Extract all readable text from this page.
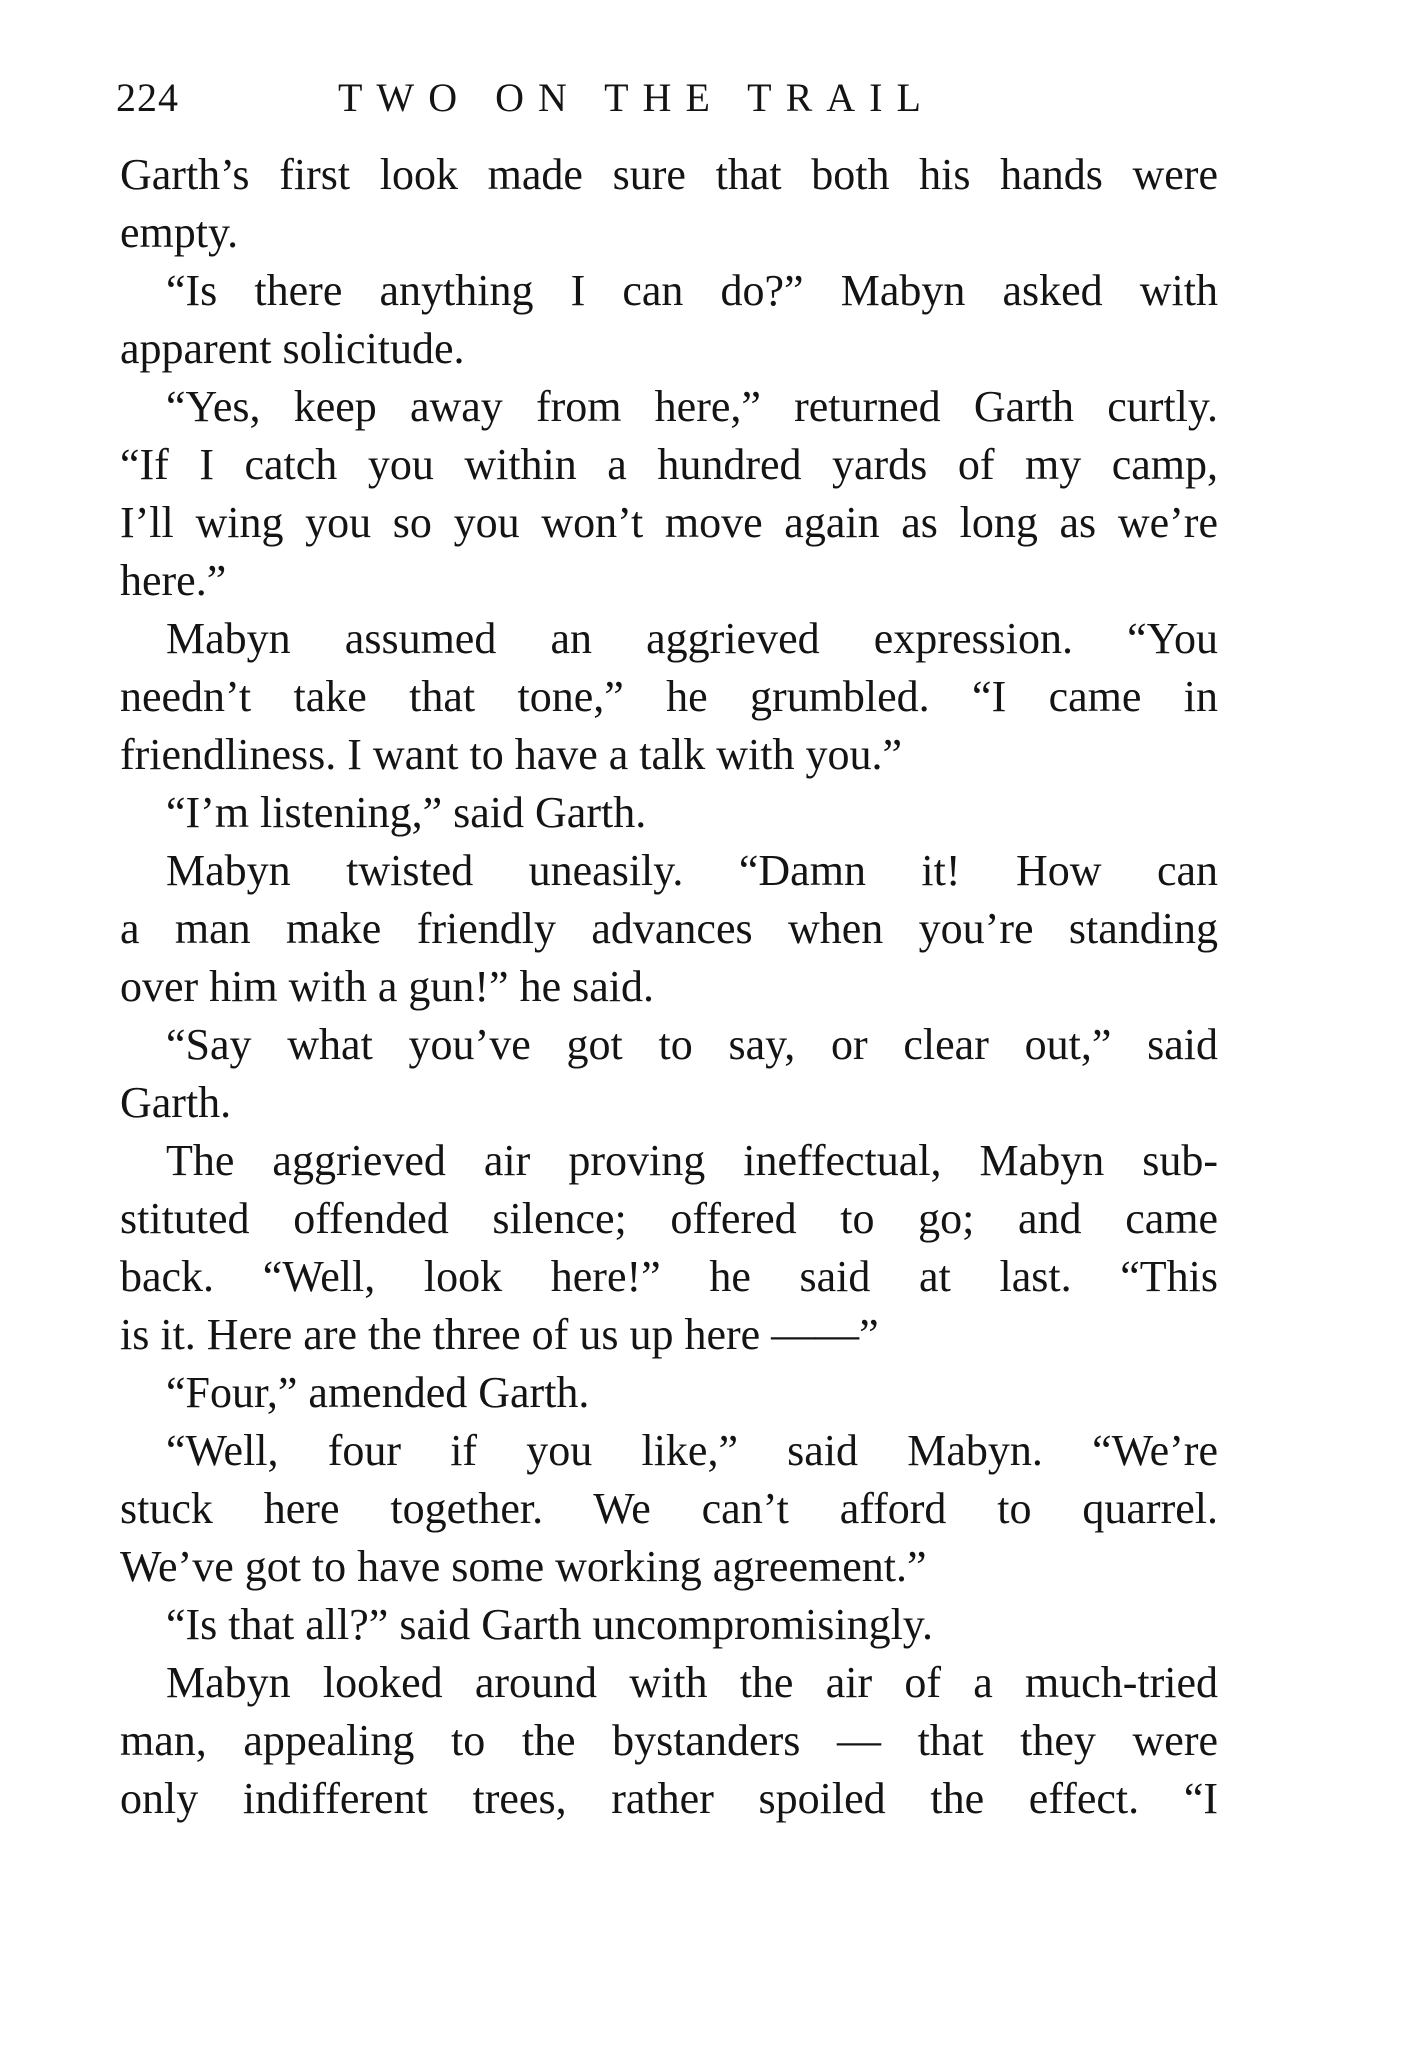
224	TWO ON THE TRAIL
Garth’s first look made sure that both his hands were
empty.
“Is there anything I can do?” Mabyn asked with
apparent solicitude.
“Yes, keep away from here,” returned Garth curtly.
“If I catch you within a hundred yards of my camp,
I’ll wing you so you won’t move again as long as we’re
here.”
Mabyn assumed an aggrieved expression. “You
needn’t take that tone,” he grumbled. “I came in
friendliness. I want to have a talk with you.”
“I’m listening,” said Garth.
Mabyn twisted uneasily. “Damn it! How can
a man make friendly advances when you’re standing
over him with a gun!” he said.
“Say what you’ve got to say, or clear out,” said
Garth.
The aggrieved air proving ineffectual, Mabyn sub-
stituted offended silence; offered to go; and came
back. “Well, look here!” he said at last. “This
is it. Here are the three of us up here ——”
“Four,” amended Garth.
“Well, four if you like,” said Mabyn. “We’re
stuck here together. We can’t afford to quarrel.
We’ve got to have some working agreement.”
“Is that all?” said Garth uncompromisingly.
Mabyn looked around with the air of a much-tried
man, appealing to the bystanders — that they were
only indifferent trees, rather spoiled the effect. “I
